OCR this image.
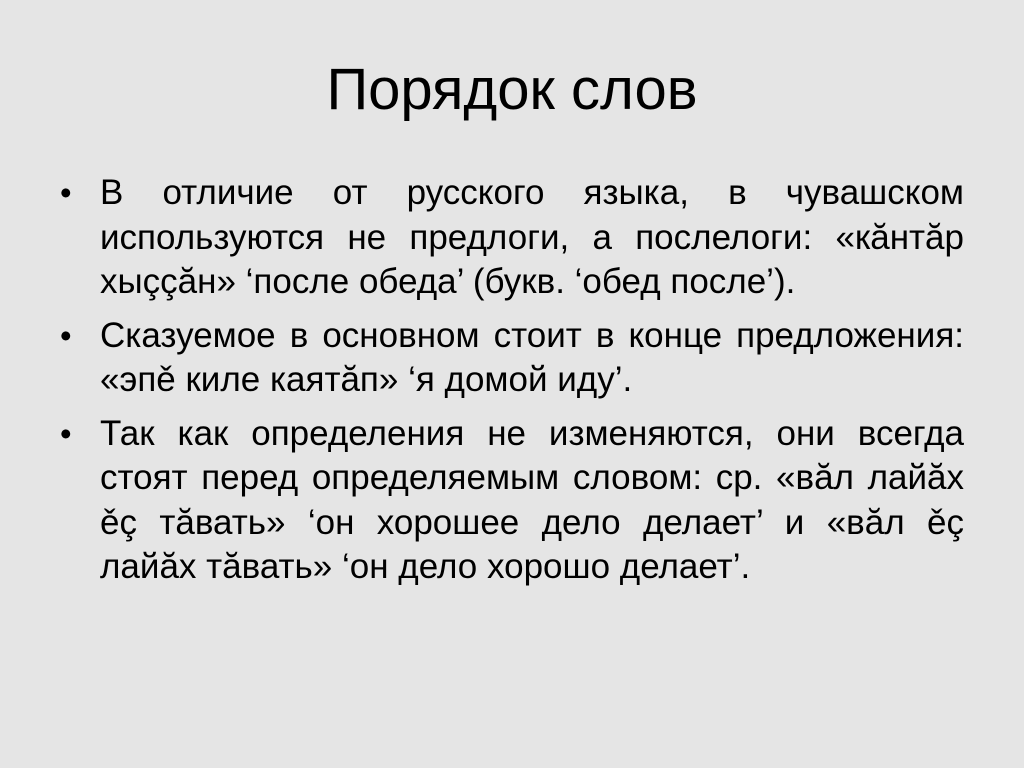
Порядок слов
• В отличие от русского языка, в чувашском используются не предлоги, а послелоги: «кăнтăр хыççăн» ‘после обеда’ (букв. ‘обед после’).
• Сказуемое в основном стоит в конце предложения: «эпě киле каятăп» ‘я домой иду’.
• Так как определения не изменяются, они всегда стоят перед определяемым словом: ср. «вăл лайăх ěç тăвать» ‘он хорошее дело делает’ и «вăл ěç лайăх тăвать» ‘он дело хорошо делает’.
